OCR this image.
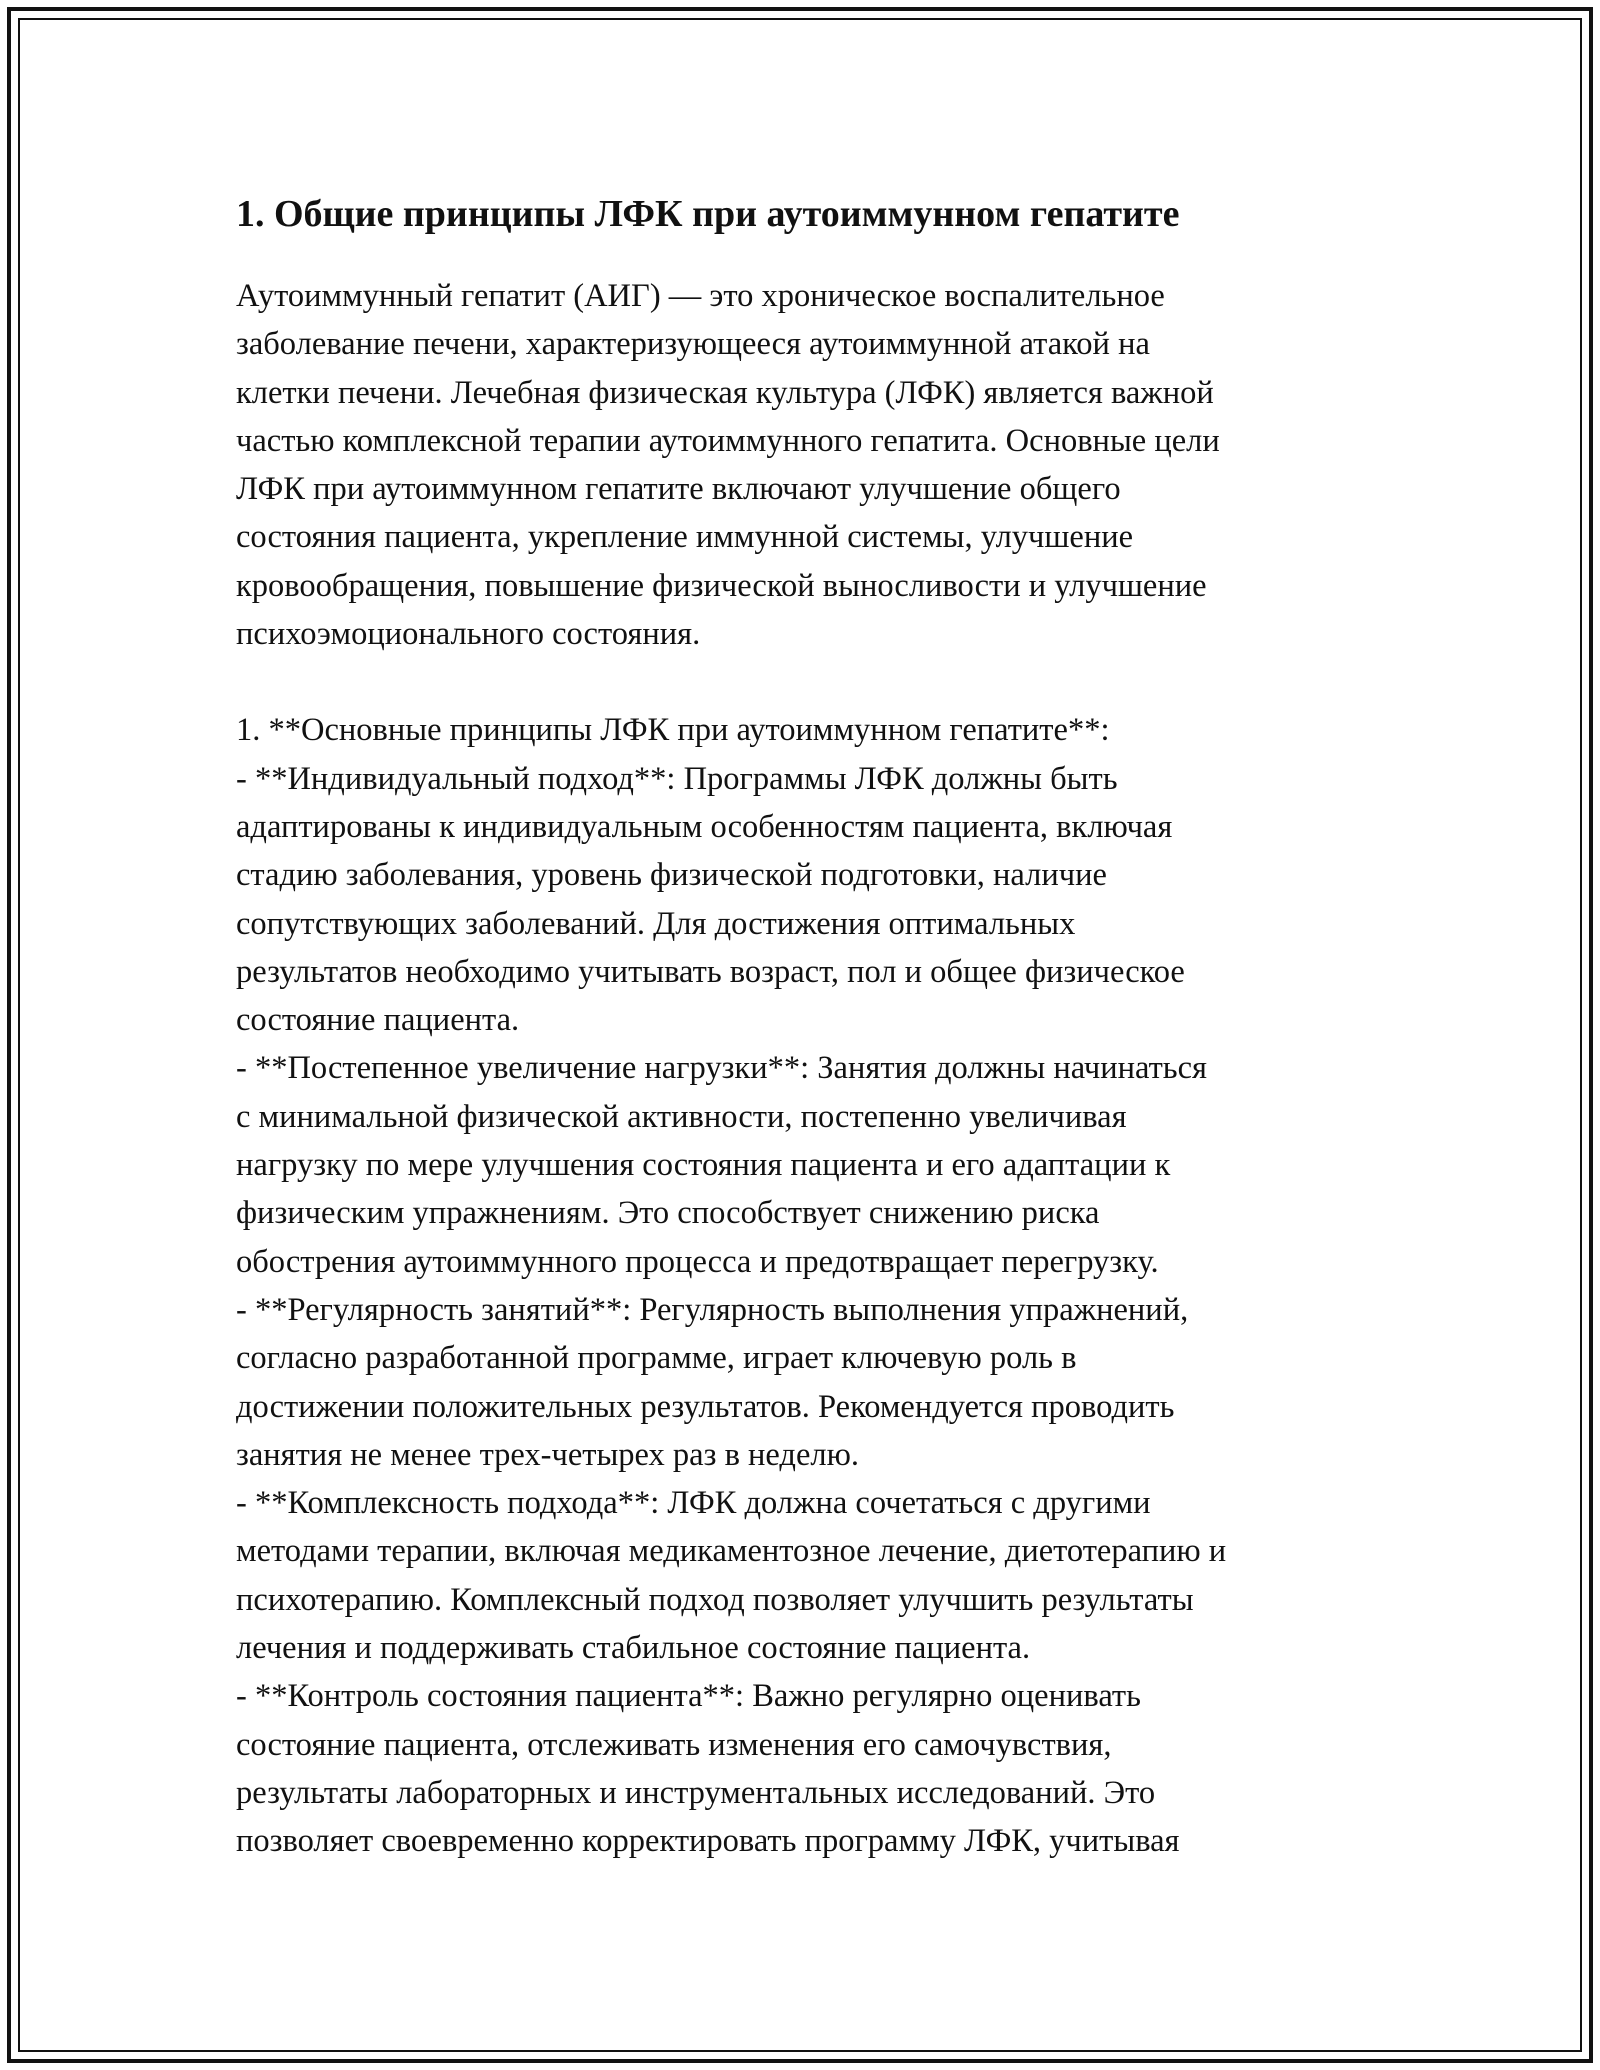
1. Общие принципы ЛФК при аутоиммунном гепатите

Аутоиммунный гепатит (АИГ) — это хроническое воспалительное
заболевание печени, характеризующееся аутоиммунной атакой на
клетки печени. Лечебная физическая культура (ЛФК) является важной
частью комплексной терапии аутоиммунного гепатита. Основные цели
ЛФК при аутоиммунном гепатите включают улучшение общего
состояния пациента, укрепление иммунной системы, улучшение
кровообращения, повышение физической выносливости и улучшение
психоэмоционального состояния.

1. **Основные принципы ЛФК при аутоиммунном гепатите**:

- **Индивидуальный подход**: Программы ЛФК должны быть
адаптированы к индивидуальным особенностям пациента, включая
стадию заболевания, уровень физической подготовки, наличие
сопутствующих заболеваний. Для достижения оптимальных
результатов необходимо учитывать возраст, пол и общее физическое
состояние пациента.

- **Постепенное увеличение нагрузки**: Занятия должны начинаться
с минимальной физической активности, постепенно увеличивая
нагрузку по мере улучшения состояния пациента и его адаптации к
физическим упражнениям. Это способствует снижению риска
обострения аутоиммунного процесса и предотвращает перегрузку.

- **Регулярность занятий**: Регулярность выполнения упражнений,
согласно разработанной программе, играет ключевую роль в
достижении положительных результатов. Рекомендуется проводить
занятия не менее трех-четырех раз в неделю.

- **Комплексность подхода**: ЛФК должна сочетаться с другими
методами терапии, включая медикаментозное лечение, диетотерапию и
психотерапию. Комплексный подход позволяет улучшить результаты
лечения и поддерживать стабильное состояние пациента.

- **Контроль состояния пациента**: Важно регулярно оценивать
состояние пациента, отслеживать изменения его самочувствия,
результаты лабораторных и инструментальных исследований. Это
позволяет своевременно корректировать программу ЛФК, учитывая
